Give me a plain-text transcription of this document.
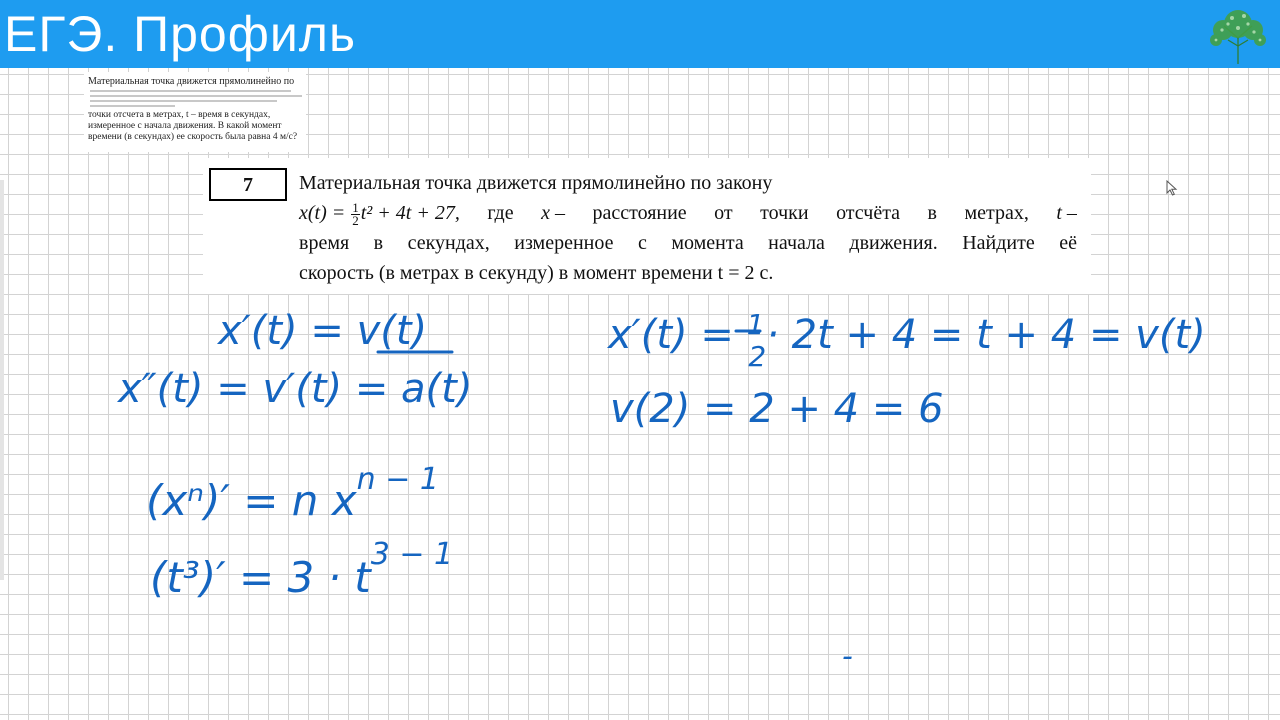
ЕГЭ. Профиль
Материальная точка движется прямолинейно по
точки отсчета в метрах, t – время в секундах, измеренное с начала движения. В какой момент времени (в секундах) ее скорость была равна 4 м/с?
7	Материальная точка движется прямолинейно по закону
$x(t) = \frac{1}{2} t^2 + 4t + 27$, где x – расстояние от точки отсчёта в метрах, t –
время в секундах, измеренное с момента начала движения. Найдите её
скорость (в метрах в секунду) в момент времени t = 2 с.
x′(t) = v(t)
x″(t) = v′(t) = a(t)
(xⁿ)′ = n $x^{n - 1}$
$(t^3)' = 3 \cdot t^{3 - 1}$
x′(t) = $^1$ 2· 2t + 4 = t + 4 = v(t)
v(2) = 2 + 4 = 6
-
